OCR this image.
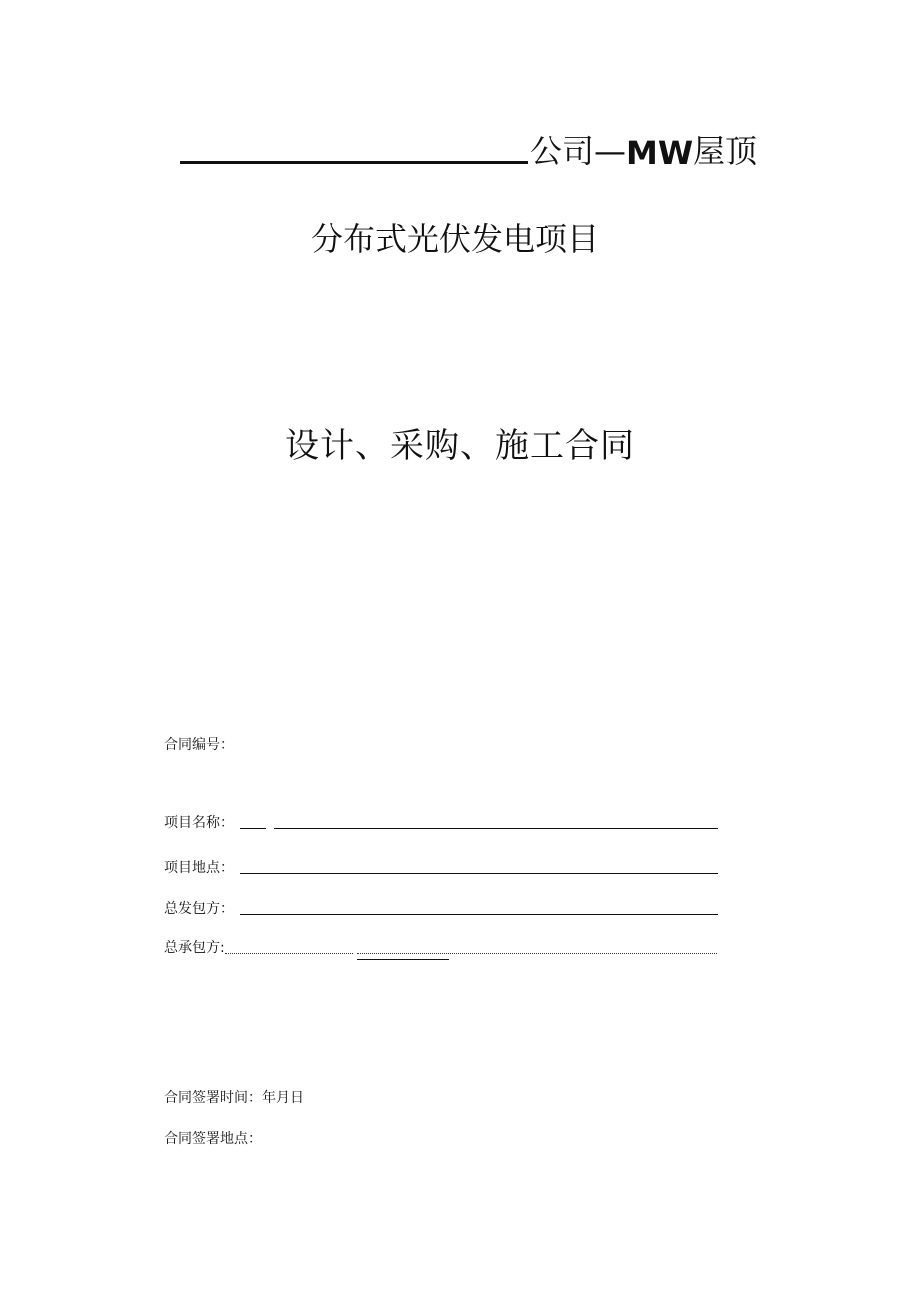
公司— MW 屋顶
分布式光伏发电项目
设计、采购、施工合同
合同编号：
项目名称：
项目地点：
总发包方：
总承包方:
合同签署时间： 年月日
合同签署地点：
